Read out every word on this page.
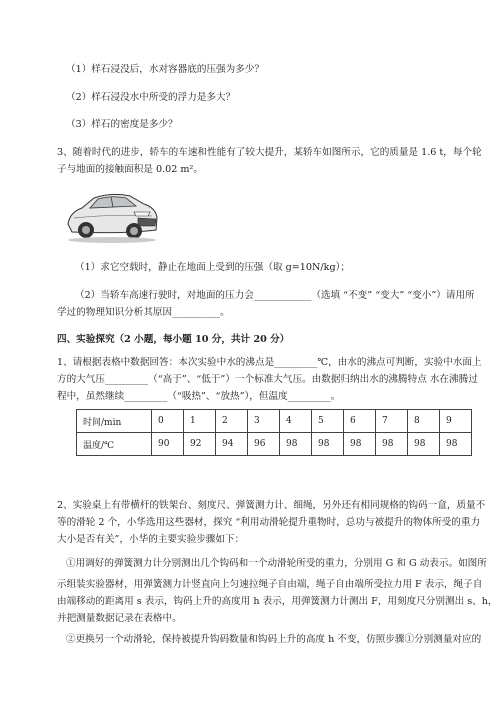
（1）样石浸没后，水对容器底的压强为多少？
（2）样石浸没水中所受的浮力是多大？
（3）样石的密度是多少？
3、随着时代的进步，轿车的车速和性能有了较大提升，某轿车如图所示，它的质量是 1.6 t，每个轮
子与地面的接触面积是 0.02 m²。
（1）求它空载时，静止在地面上受到的压强（取 g=10N/kg）；
（2）当轿车高速行驶时，对地面的压力会____________（选填 “不变” “变大” “变小”）请用所
学过的物理知识分析其原因__________。
四、实验探究（2 小题，每小题 10 分，共计 20 分）
1、请根据表格中数据回答：本次实验中水的沸点是_________℃，由水的沸点可判断，实验中水面上
方的大气压_________（“高于”、“低于”）一个标准大气压。由数据归纳出水的沸腾特点 水在沸腾过
程中，虽然继续_________（“吸热”、“放热”），但温度_________。
时间/min	0	1	2	3	4	5	6	7	8	9
温度/℃	90	92	94	96	98	98	98	98	98	98
2、实验桌上有带横杆的铁架台、刻度尺、弹簧测力计、细绳，另外还有相同规格的钩码一盒，质量不
等的滑轮 2 个，小华选用这些器材，探究 “利用动滑轮提升重物时，总功与被提升的物体所受的重力
大小是否有关”，小华的主要实验步骤如下：
①用调好的弹簧测力计分别测出几个钩码和一个动滑轮所受的重力，分别用 G 和 G 动表示。如图所
示组装实验器材，用弹簧测力计竖直向上匀速拉绳子自由端，绳子自由端所受拉力用 F 表示，绳子自
由端移动的距离用 s 表示，钩码上升的高度用 h 表示，用弹簧测力计测出 F，用刻度尺分别测出 s、h，
并把测量数据记录在表格中。
②更换另一个动滑轮，保持被提升钩码数量和钩码上升的高度 h 不变，仿照步骤①分别测量对应的
